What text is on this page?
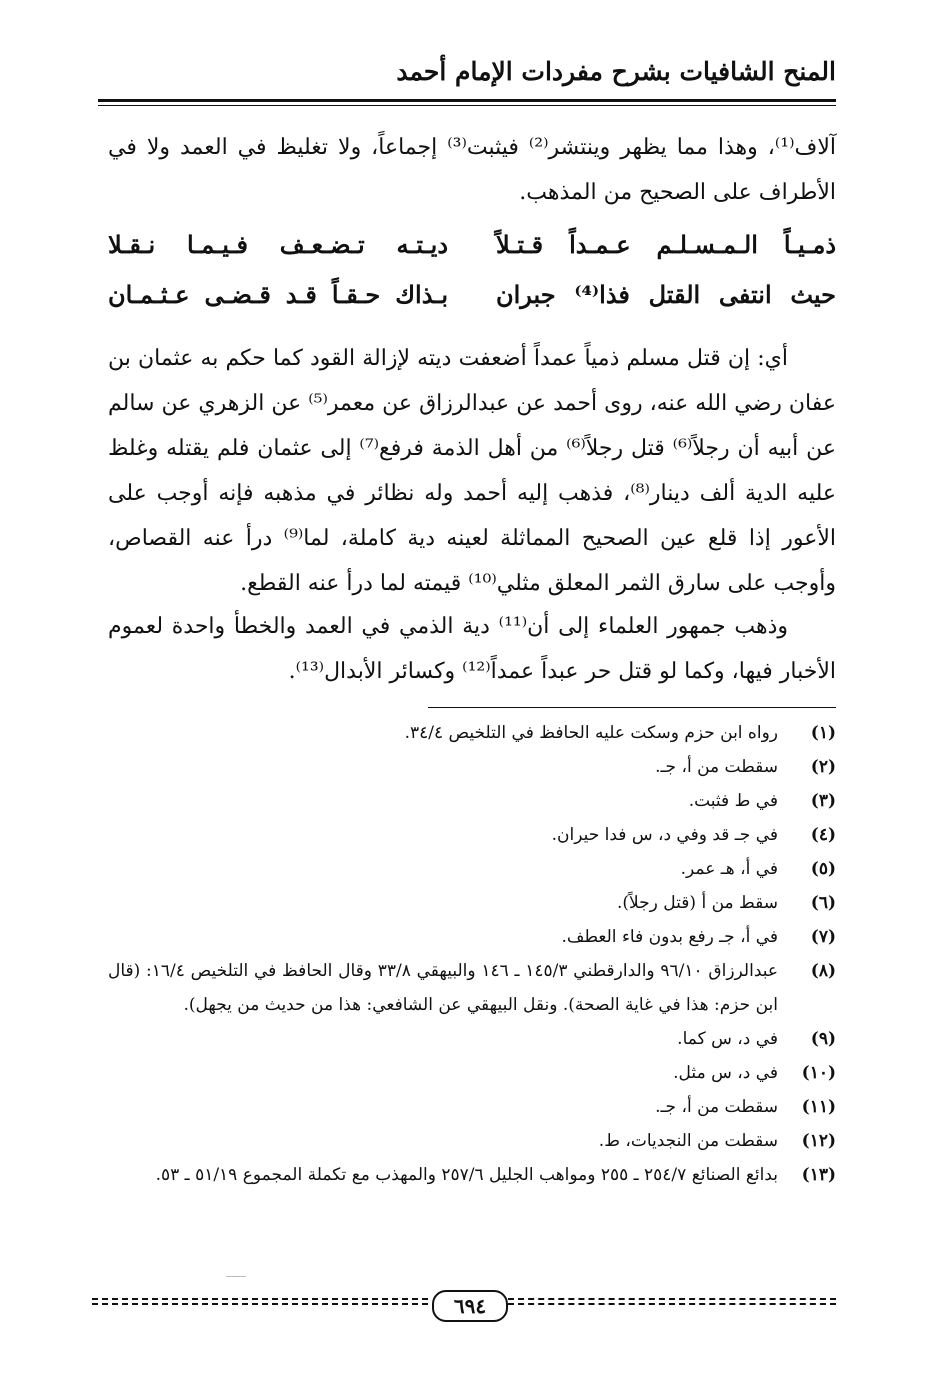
المنح الشافيات بشرح مفردات الإمام أحمد

آلاف⁽¹⁾، وهذا مما يظهر وينتشر⁽²⁾ فيثبت⁽³⁾ إجماعاً، ولا تغليظ في العمد ولا في الأطراف على الصحيح من المذهب.

ذمـيـاً الـمـسـلـم عـمـداً قـتـلاً
ديـتـه تـضـعـف فـيـمـا نـقـلا
حيث انتفى القتل فذا⁽⁴⁾ جبران
بـذاك حـقـاً قـد قـضـى عـثـمـان

أي: إن قتل مسلم ذمياً عمداً أضعفت ديته لإزالة القود كما حكم به عثمان بن عفان رضي الله عنه، روى أحمد عن عبدالرزاق عن معمر⁽⁵⁾ عن الزهري عن سالم عن أبيه أن رجلاً⁽⁶⁾ قتل رجلاً⁽⁶⁾ من أهل الذمة فرفع⁽⁷⁾ إلى عثمان فلم يقتله وغلظ عليه الدية ألف دينار⁽⁸⁾، فذهب إليه أحمد وله نظائر في مذهبه فإنه أوجب على الأعور إذا قلع عين الصحيح المماثلة لعينه دية كاملة، لما⁽⁹⁾ درأ عنه القصاص، وأوجب على سارق الثمر المعلق مثلي⁽¹⁰⁾ قيمته لما درأ عنه القطع.

وذهب جمهور العلماء إلى أن⁽¹¹⁾ دية الذمي في العمد والخطأ واحدة لعموم الأخبار فيها، وكما لو قتل حر عبداً عمداً⁽¹²⁾ وكسائر الأبدال⁽¹³⁾.

(١)
رواه ابن حزم وسكت عليه الحافظ في التلخيص ٣٤/٤.
(٢)
سقطت من أ، جـ.
(٣)
في ط فثبت.
(٤)
في جـ قد وفي د، س فدا حيران.
(٥)
في أ، هـ عمر.
(٦)
سقط من أ (قتل رجلاً).
(٧)
في أ، جـ رفع بدون فاء العطف.
(٨)
عبدالرزاق ٩٦/١٠ والدارقطني ١٤٥/٣ ـ ١٤٦ والبيهقي ٣٣/٨ وقال الحافظ في التلخيص ١٦/٤: (قال ابن حزم: هذا في غاية الصحة). ونقل البيهقي عن الشافعي: هذا من حديث من يجهل).
(٩)
في د، س كما.
(١٠)
في د، س مثل.
(١١)
سقطت من أ، جـ.
(١٢)
سقطت من النجديات، ط.
(١٣)
بدائع الصنائع ٢٥٤/٧ ـ ٢٥٥ ومواهب الجليل ٢٥٧/٦ والمهذب مع تكملة المجموع ٥١/١٩ ـ ٥٣.
٦٩٤
